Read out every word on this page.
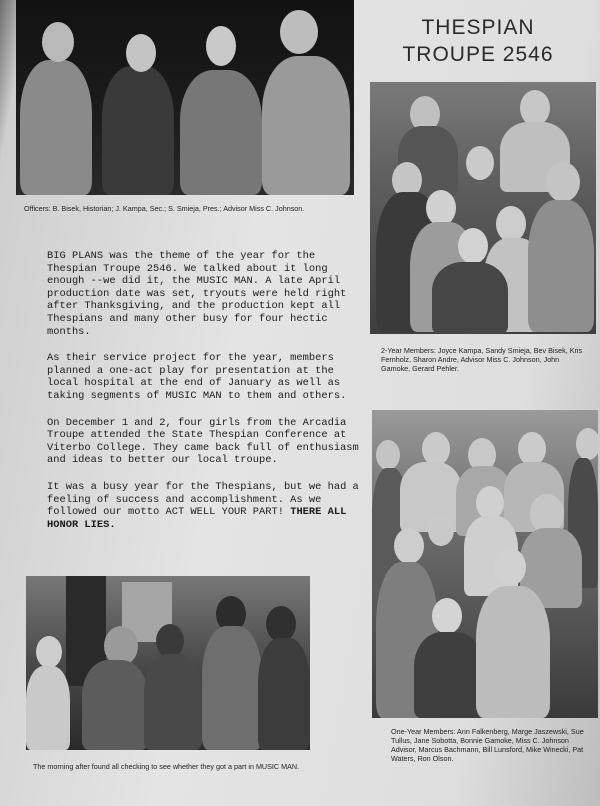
THESPIAN
TROUPE 2546
Officers: B. Bisek, Historian; J. Kampa, Sec.; S. Smieja, Pres.; Advisor Miss C. Johnson.
2-Year Members: Joyce Kampa, Sandy Smieja, Bev Bisek, Kris Fernholz, Sharon Andre, Advisor Miss C. Johnson, John Gamoke, Gerard Pehler.

BIG PLANS was the theme of the year for the Thespian Troupe 2546. We talked about it long enough --we did it, the MUSIC MAN. A late April production date was set, tryouts were held right after Thanksgiving, and the production kept all Thespians and many other busy for four hectic months.

As their service project for the year, members planned a one-act play for presentation at the local hospital at the end of January as well as taking segments of MUSIC MAN to them and others.

On December 1 and 2, four girls from the Arcadia Troupe attended the State Thespian Conference at Viterbo College. They came back full of enthusiasm and ideas to better our local troupe.

It was a busy year for the Thespians, but we had a feeling of success and accomplishment. As we followed our motto ACT WELL YOUR PART! THERE ALL HONOR LIES.

One-Year Members: Ann Falkenberg, Marge Jaszewski, Sue Tullus, Jane Sobotta, Bonnie Gamoke, Miss C. Johnson Advisor, Marcus Bachmann, Bill Lunsford, Mike Winecki, Pat Waters, Ron Olson.
The morning after found all checking to see whether they got a part in MUSIC MAN.
